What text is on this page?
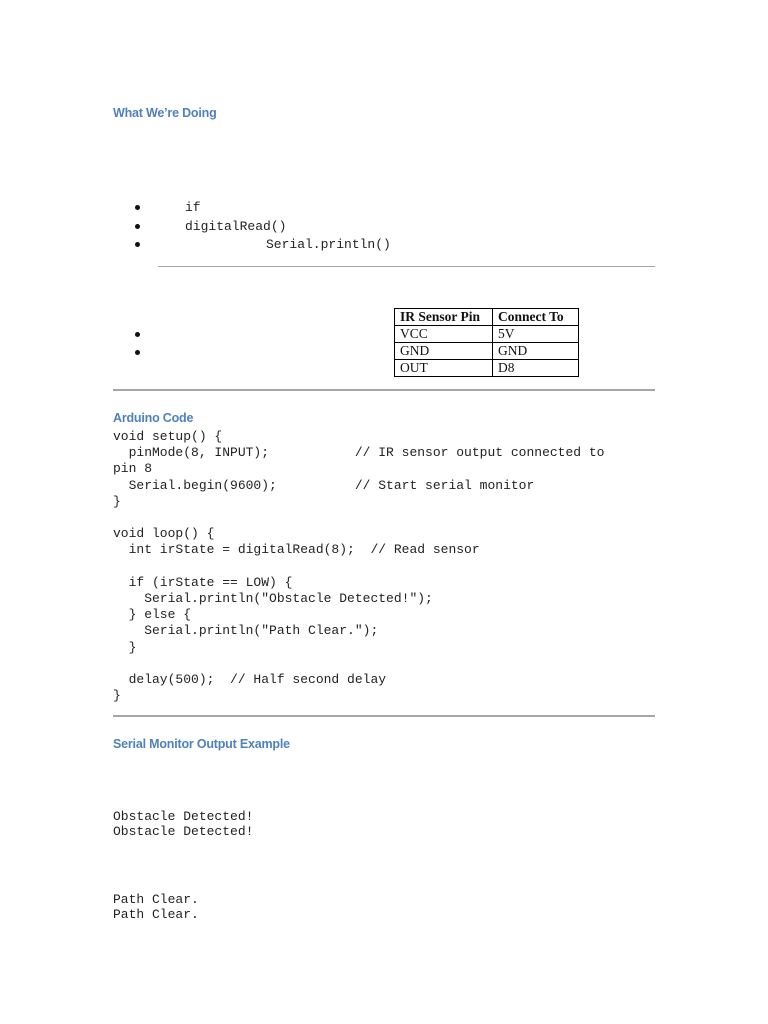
What We’re Doing
if
digitalRead()
Serial.println()
IR Sensor Pin	Connect To
VCC	5V
GND	GND
OUT	D8
Arduino Code
void setup() {
pinMode(8, INPUT);           // IR sensor output connected to
pin 8
Serial.begin(9600);          // Start serial monitor
}

void loop() {
int irState = digitalRead(8);  // Read sensor

if (irState == LOW) {
Serial.println("Obstacle Detected!");
} else {
Serial.println("Path Clear.");
}

delay(500);  // Half second delay
}
Serial Monitor Output Example
Obstacle Detected!
Obstacle Detected!
Path Clear.
Path Clear.
